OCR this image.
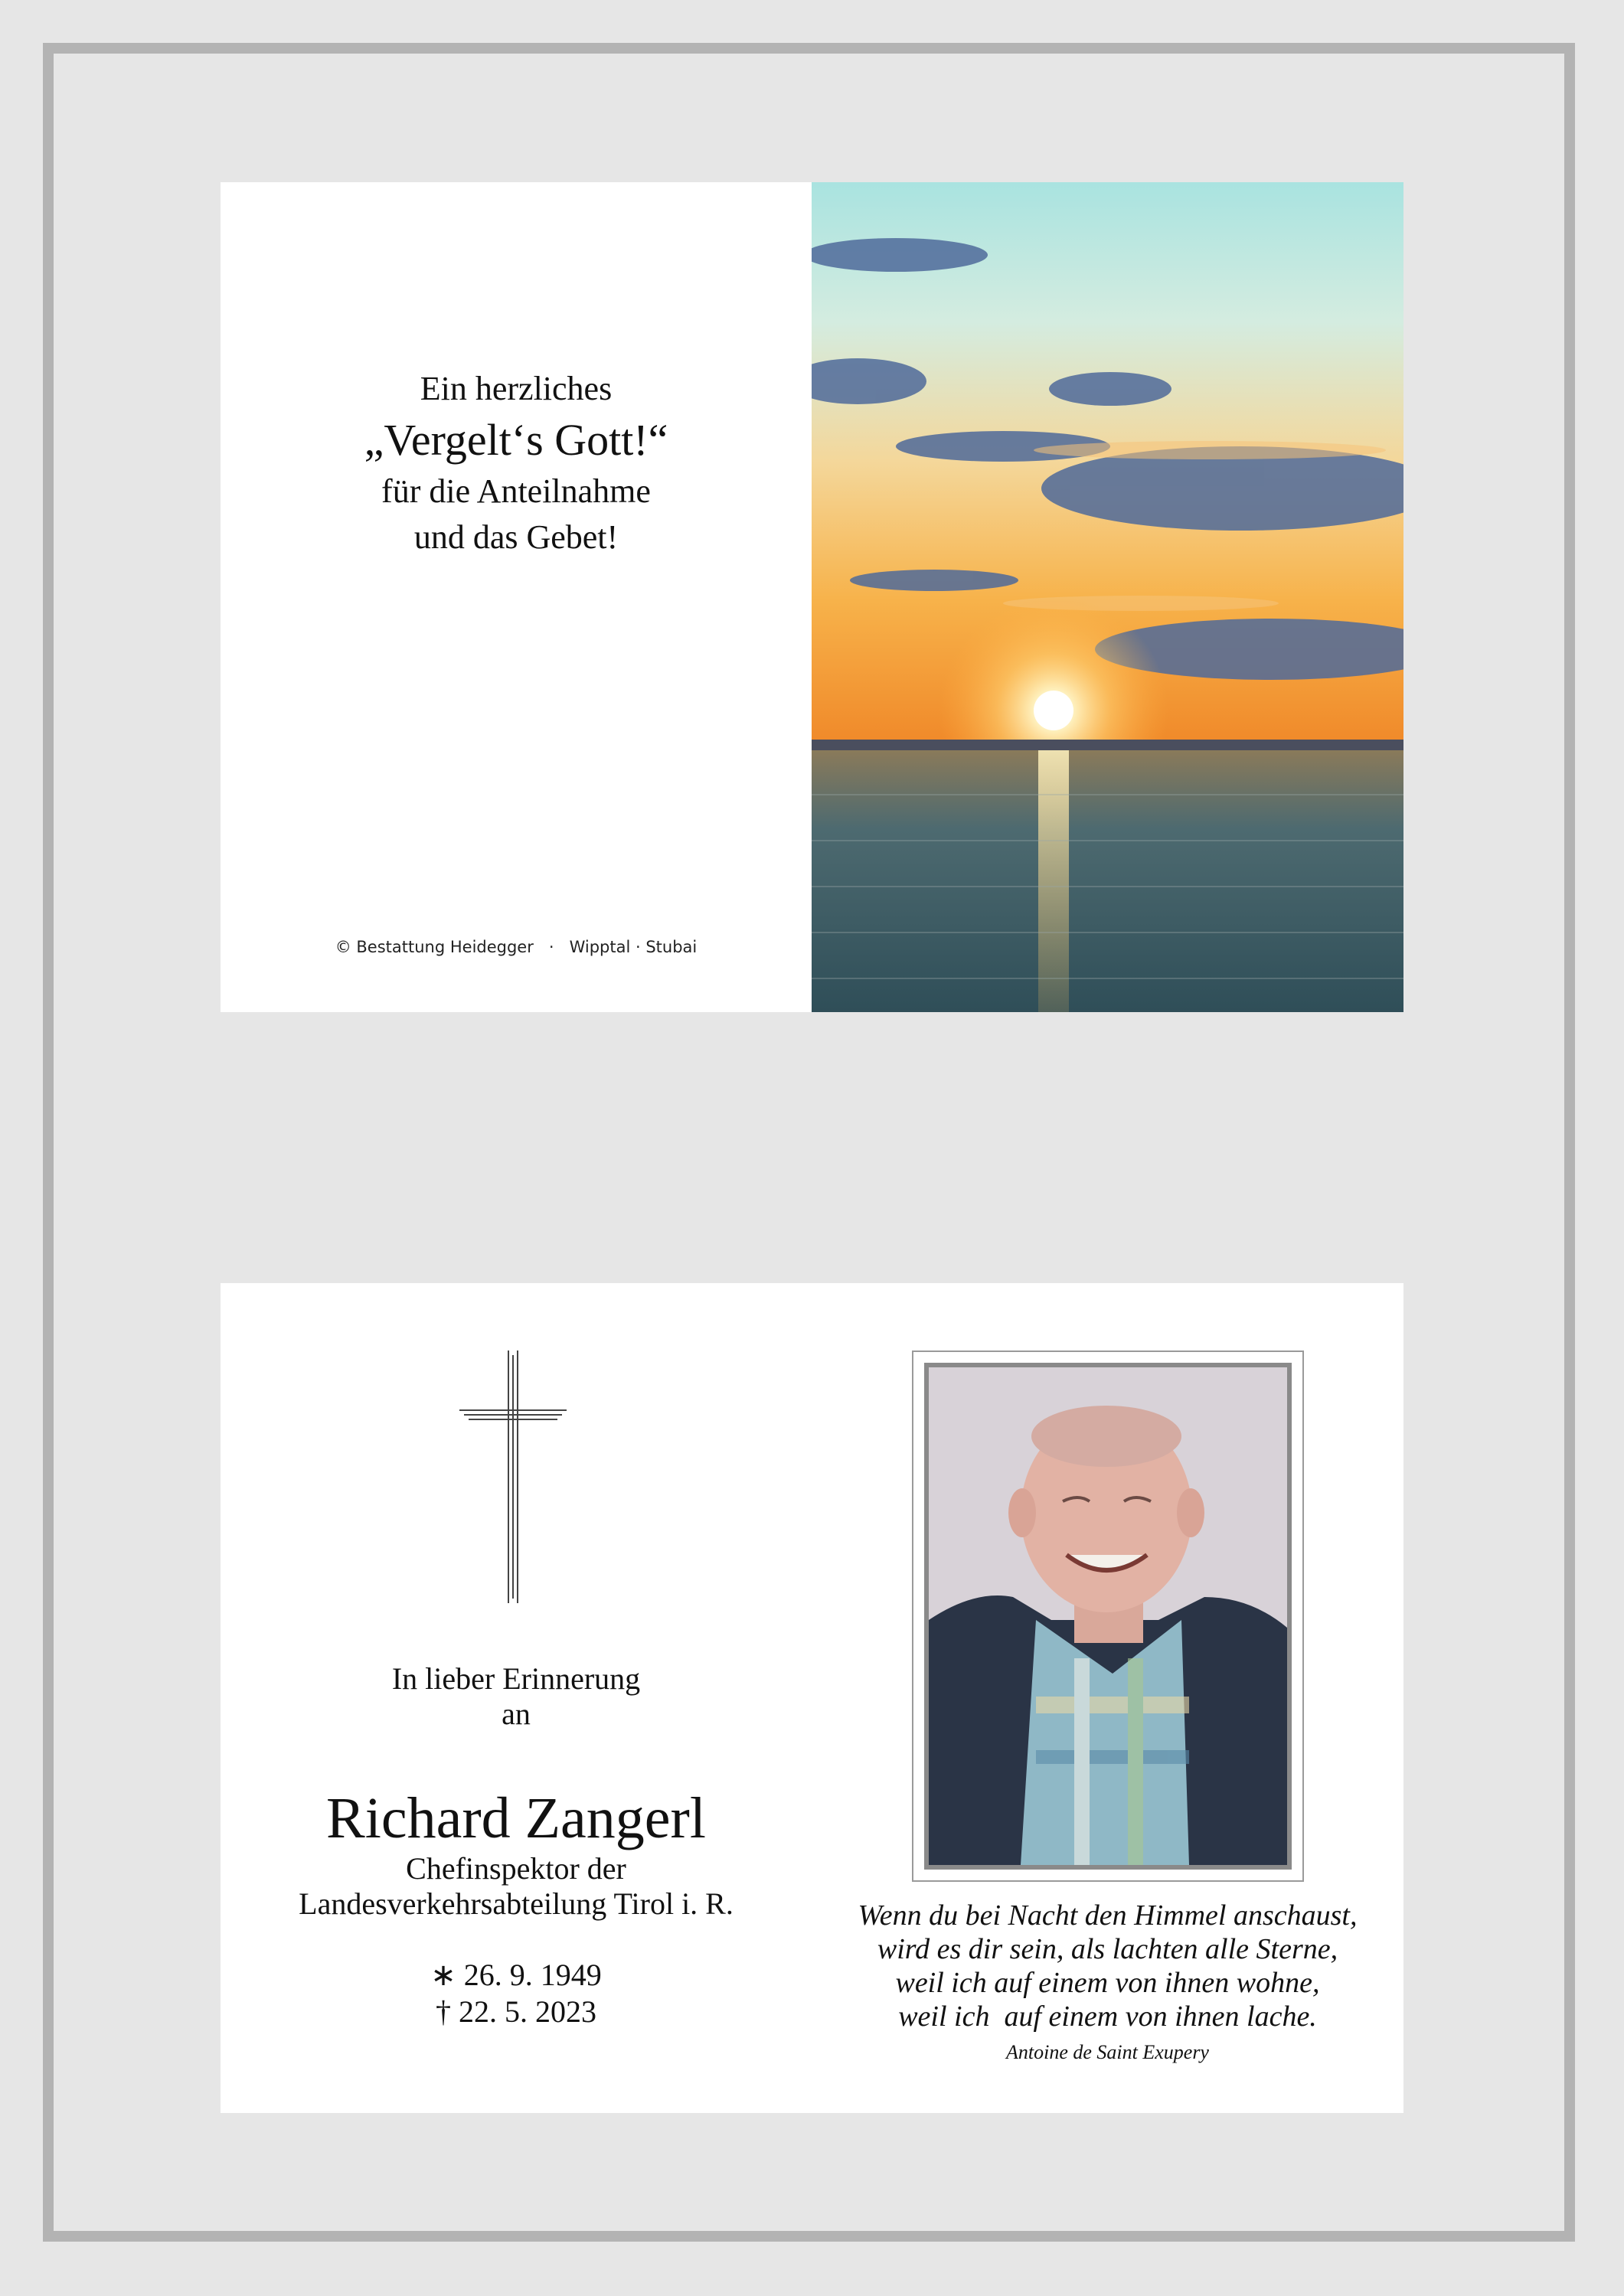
Ein herzliches
„Vergelt‘s Gott!“
für die Anteilnahme
und das Gebet!
© Bestattung Heidegger   ·   Wipptal · Stubai
In lieber Erinnerung
an
Richard Zangerl
Chefinspektor der
Landesverkehrsabteilung Tirol i. R.
∗ 26. 9. 1949
† 22. 5. 2023
Wenn du bei Nacht den Himmel anschaust,
wird es dir sein, als lachten alle Sterne,
weil ich auf einem von ihnen wohne,
weil ich  auf einem von ihnen lache.
Antoine de Saint Exupery
